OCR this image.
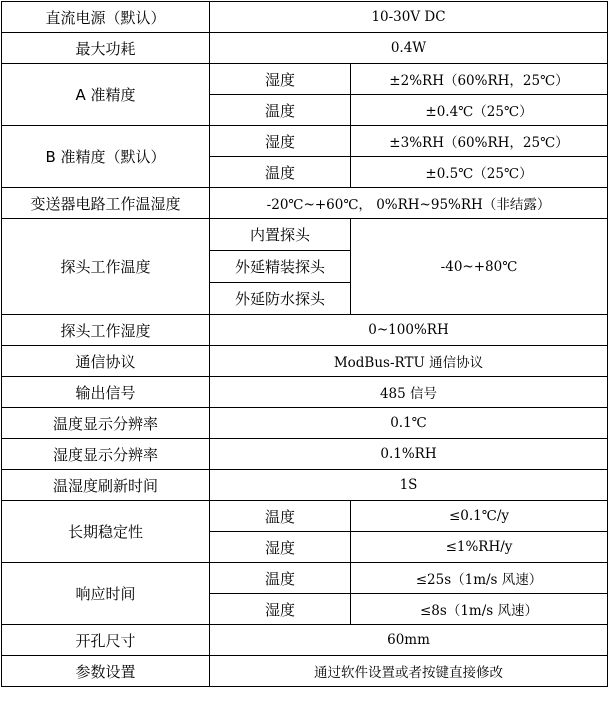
直流电源（默认）	10-30V DC	
最大功耗	0.4W	
A 准精度	湿度	±2%RH（60%RH，25℃）
	温度	±0.4℃（25℃）
B 准精度（默认）	湿度	±3%RH（60%RH，25℃）
	温度	±0.5℃（25℃）
变送器电路工作温湿度	-20℃~+60℃， 0%RH~95%RH（非结露）	
探头工作温度	内置探头	-40~+80℃
	外延精装探头	
	外延防水探头	
探头工作湿度	0~100%RH	
通信协议	ModBus-RTU 通信协议	
输出信号	485 信号	
温度显示分辨率	0.1℃	
湿度显示分辨率	0.1%RH	
温湿度刷新时间	1S	
长期稳定性	温度	≤0.1℃/y
	湿度	≤1%RH/y
响应时间	温度	≤25s（1m/s 风速）
	湿度	≤8s（1m/s 风速）
开孔尺寸	60mm	
参数设置	通过软件设置或者按键直接修改	
